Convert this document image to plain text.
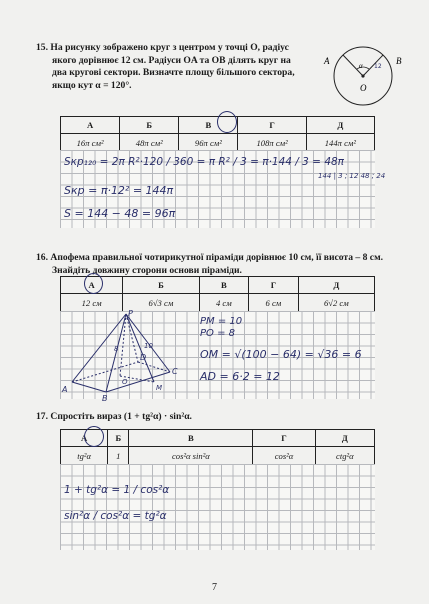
15. На рисунку зображено круг з центром у точці O, радіус
якого дорівнює 12 см. Радіуси OA та OB ділять круг на
два кругові сектори. Визначте площу більшого сектора,
якщо кут α = 120°.
A	B
O
α 12
А	Б	В	Г	Д
16π см²	48π см²	96π см²	108π см²	144π см²
Sкр₁₂₀ = 2π R²·120 / 360 = π R² / 3 = π·144 / 3 = 48π
144 | 3 ; 12 48 ; 24
Sкр = π·12² = 144π
S = 144 − 48 = 96π
16. Апофема правильної чотирикутної піраміди дорівнює 10 см, її висота – 8 см.
Знайдіть довжину сторони основи піраміди.
А	Б	В	Г	Д
12 см	6√3 см	4 см	6 см	6√2 см
P
A
B
C
D
O
M
8	10
PM = 10
PO = 8
OM = √(100 − 64) = √36 = 6
AD = 6·2 = 12
17. Спростіть вираз (1 + tg²α) · sin²α.
А	Б	В	Г	Д
tg²α	1	cos²α sin²α	cos²α	ctg²α
1 + tg²α = 1 / cos²α
sin²α / cos²α = tg²α
7
